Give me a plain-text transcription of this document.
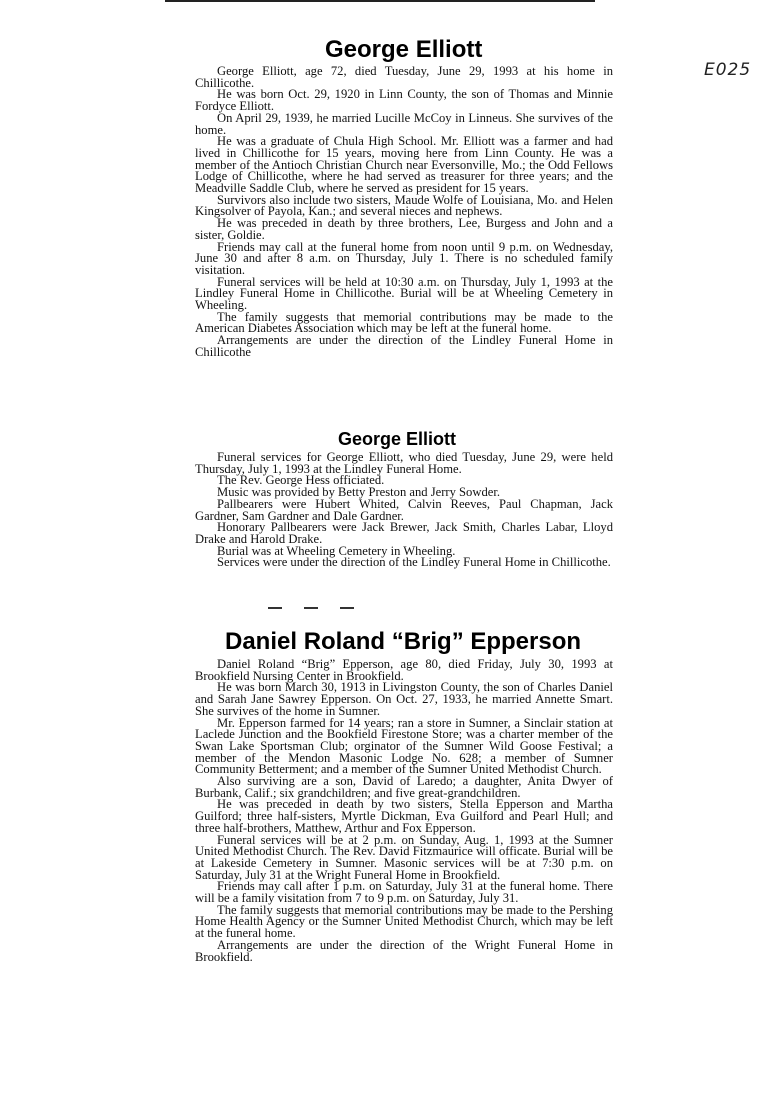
E025
George Elliott

George Elliott, age 72, died Tuesday, June 29, 1993 at his home in Chillicothe.

He was born Oct. 29, 1920 in Linn County, the son of Thomas and Minnie Fordyce Elliott.

On April 29, 1939, he married Lucille McCoy in Linneus. She survives of the home.

He was a graduate of Chula High School. Mr. Elliott was a farmer and had lived in Chillicothe for 15 years, moving here from Linn County. He was a member of the Antioch Christian Church near Eversonville, Mo.; the Odd Fellows Lodge of Chillicothe, where he had served as treasurer for three years; and the Meadville Saddle Club, where he served as president for 15 years.

Survivors also include two sisters, Maude Wolfe of Louisiana, Mo. and Helen Kingsolver of Payola, Kan.; and several nieces and nephews.

He was preceded in death by three brothers, Lee, Burgess and John and a sister, Goldie.

Friends may call at the funeral home from noon until 9 p.m. on Wednesday, June 30 and after 8 a.m. on Thursday, July 1. There is no scheduled family visitation.

Funeral services will be held at 10:30 a.m. on Thursday, July 1, 1993 at the Lindley Funeral Home in Chillicothe. Burial will be at Wheeling Cemetery in Wheeling.

The family suggests that memorial contributions may be made to the American Diabetes Association which may be left at the funeral home.

Arrangements are under the direction of the Lindley Funeral Home in Chillicothe

George Elliott

Funeral services for George Elliott, who died Tuesday, June 29, were held Thursday, July 1, 1993 at the Lindley Funeral Home.

The Rev. George Hess officiated.

Music was provided by Betty Preston and Jerry Sowder.

Pallbearers were Hubert Whited, Calvin Reeves, Paul Chapman, Jack Gardner, Sam Gardner and Dale Gardner.

Honorary Pallbearers were Jack Brewer, Jack Smith, Charles Labar, Lloyd Drake and Harold Drake.

Burial was at Wheeling Cemetery in Wheeling.

Services were under the direction of the Lindley Funeral Home in Chillicothe.

Daniel Roland “Brig” Epperson

Daniel Roland “Brig” Epperson, age 80, died Friday, July 30, 1993 at Brookfield Nursing Center in Brookfield.

He was born March 30, 1913 in Livingston County, the son of Charles Daniel and Sarah Jane Sawrey Epperson. On Oct. 27, 1933, he married Annette Smart. She survives of the home in Sumner.

Mr. Epperson farmed for 14 years; ran a store in Sumner, a Sinclair station at Laclede Junction and the Bookfield Firestone Store; was a charter member of the Swan Lake Sportsman Club; orginator of the Sumner Wild Goose Festival; a member of the Mendon Masonic Lodge No. 628; a member of Sumner Community Betterment; and a member of the Sumner United Methodist Church.

Also surviving are a son, David of Laredo; a daughter, Anita Dwyer of Burbank, Calif.; six grandchildren; and five great-grandchildren.

He was preceded in death by two sisters, Stella Epperson and Martha Guilford; three half-sisters, Myrtle Dickman, Eva Guilford and Pearl Hull; and three half-brothers, Matthew, Arthur and Fox Epperson.

Funeral services will be at 2 p.m. on Sunday, Aug. 1, 1993 at the Sumner United Methodist Church. The Rev. David Fitzmaurice will officate. Burial will be at Lakeside Cemetery in Sumner. Masonic services will be at 7:30 p.m. on Saturday, July 31 at the Wright Funeral Home in Brookfield.

Friends may call after 1 p.m. on Saturday, July 31 at the funeral home. There will be a family visitation from 7 to 9 p.m. on Saturday, July 31.

The family suggests that memorial contributions may be made to the Pershing Home Health Agency or the Sumner United Methodist Church, which may be left at the funeral home.

Arrangements are under the direction of the Wright Funeral Home in Brookfield.
